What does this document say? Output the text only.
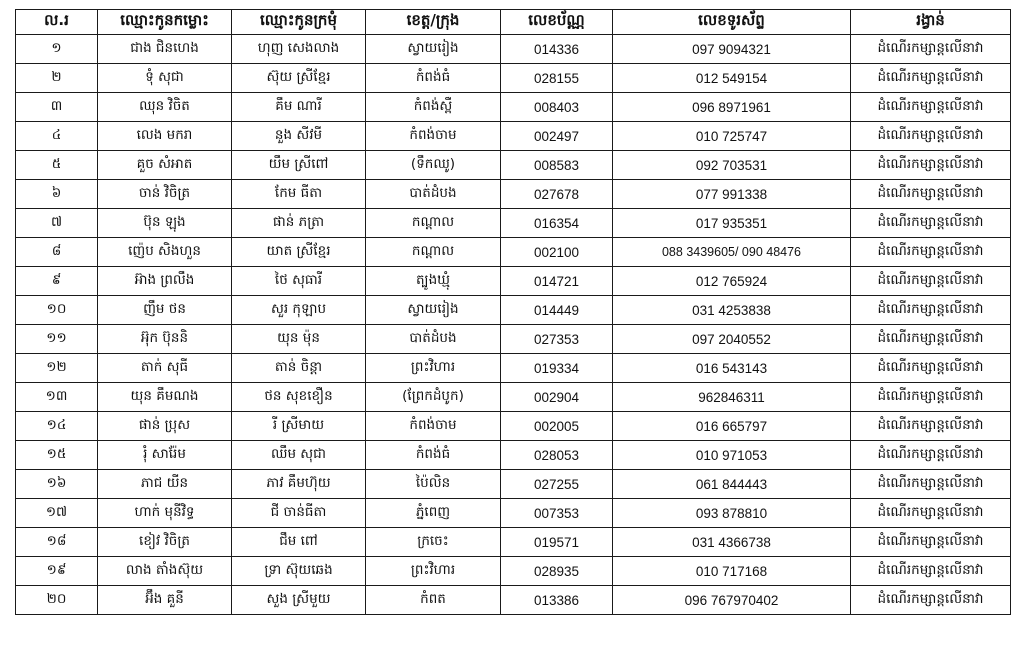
ល.រ	ឈ្មោះកូនកម្លោះ	ឈ្មោះកូនក្រមុំ	ខេត្ត/ក្រុង	លេខប័ណ្ណ	លេខទូរស័ព្ទ	រង្វាន់
១	ជាង ជិនហេង	ហុញ សេងលាង	ស្វាយរៀង	014336	097 9094321	ដំណើរកម្សាន្តលើនាវា
២	ទុំ សុជា	ស៊ុយ ស្រីខ្មែរ	កំពង់ធំ	028155	012 549154	ដំណើរកម្សាន្តលើនាវា
៣	ឈុន វិចិត	គឹម ណារី	កំពង់ស្ពឺ	008403	096 8971961	ដំណើរកម្សាន្តលើនាវា
៤	លេង មករា	នួង សីវមី	កំពង់ចាម	002497	010 725747	ដំណើរកម្សាន្តលើនាវា
៥	គួច សំអាត	យឹម ស្រីពៅ	(ទឹកឈូ)	008583	092 703531	ដំណើរកម្សាន្តលើនាវា
៦	ចាន់ វិចិត្រ	កែម ធីតា	បាត់ដំបង	027678	077 991338	ដំណើរកម្សាន្តលើនាវា
៧	ប៊ុន ឡុង	ផាន់ ភត្រា	កណ្តាល	016354	017 935351	ដំណើរកម្សាន្តលើនាវា
៨	ញ៉េប សិងហួន	យាត ស្រីខ្មែរ	កណ្តាល	002100	088 3439605/ 090 48476	ដំណើរកម្សាន្តលើនាវា
៩	អ៊ាង ព្រលឹង	ថៃ សុធារី	ត្បូងឃ្មុំ	014721	012 765924	ដំណើរកម្សាន្តលើនាវា
១០	ញឹម ថន	សួរ កុឡាប	ស្វាយរៀង	014449	031 4253838	ដំណើរកម្សាន្តលើនាវា
១១	អ៊ុក ប៊ុននិ	យុន ម៉ុន	បាត់ដំបង	027353	097 2040552	ដំណើរកម្សាន្តលើនាវា
១២	តាក់ សុធី	តាន់ ចិន្តា	ព្រះវិហារ	019334	016 543143	ដំណើរកម្សាន្តលើនាវា
១៣	យុន គឹមណង	ថន សុខខឿន	(ព្រែកដំបូក)	002904	962846311	ដំណើរកម្សាន្តលើនាវា
១៤	ផាន់ ប្រុស	រី ស្រីមាយ	កំពង់ចាម	002005	016 665797	ដំណើរកម្សាន្តលើនាវា
១៥	រុំ សារ៉ែម	ឈឹម សុជា	កំពង់ធំ	028053	010 971053	ដំណើរកម្សាន្តលើនាវា
១៦	ភាជ យីន	ភាវ គឹមហ៊ុយ	ប៉ៃលិន	027255	061 844443	ដំណើរកម្សាន្តលើនាវា
១៧	ហាក់ មុនីវិទ្ធ	ជី ចាន់ធីតា	ភ្នំពេញ	007353	093 878810	ដំណើរកម្សាន្តលើនាវា
១៨	ខៀវ វិចិត្រ	ជឹម ពៅ	ក្រចេះ	019571	031 4366738	ដំណើរកម្សាន្តលើនាវា
១៩	លាង តាំងស៊ុយ	ទ្រា ស៊ុយឆេង	ព្រះវិហារ	028935	010 717168	ដំណើរកម្សាន្តលើនាវា
២០	អ៊ឹង គួនី	សួង ស្រីមួយ	កំពត	013386	096 767970402	ដំណើរកម្សាន្តលើនាវា
